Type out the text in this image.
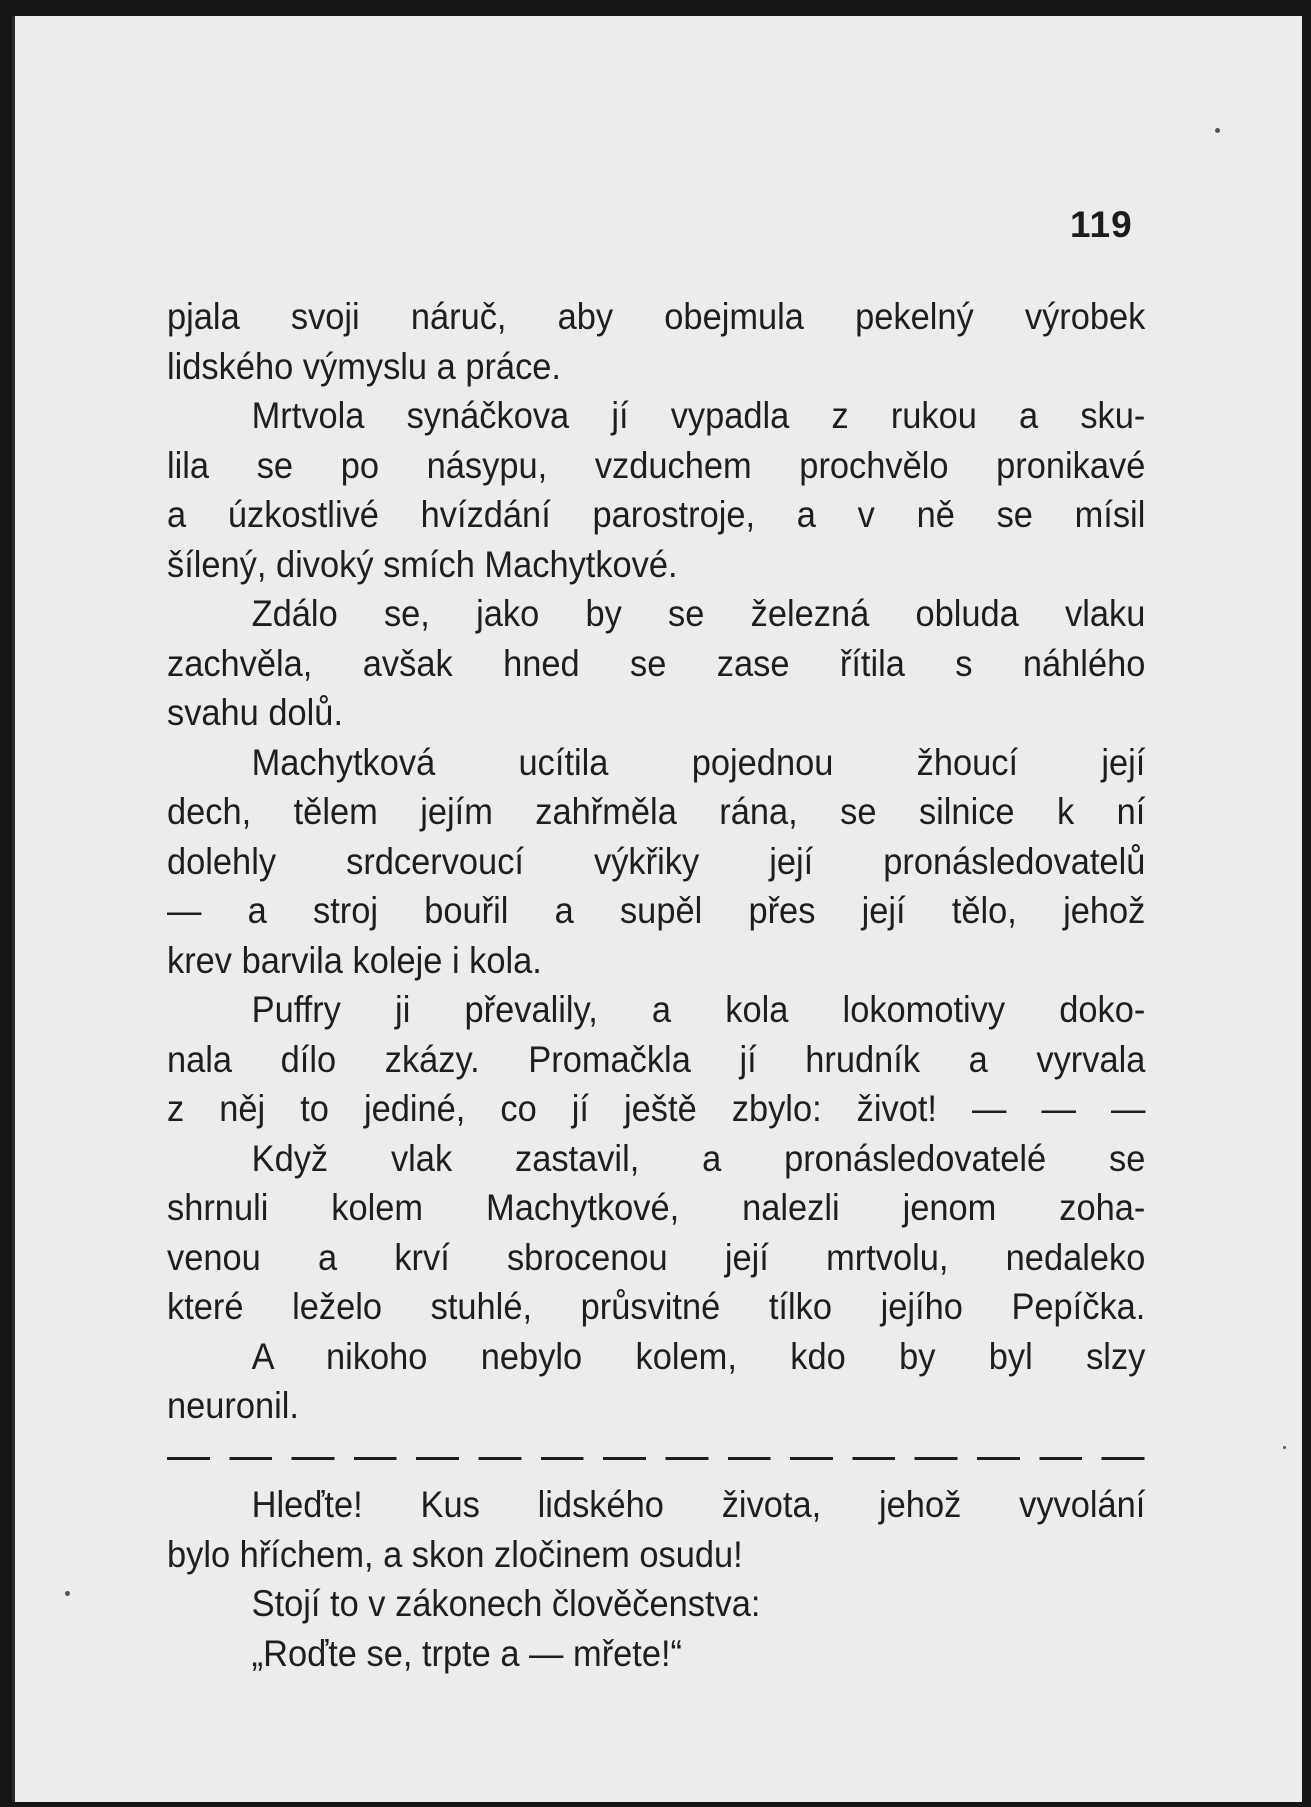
119
pjala svoji náruč, aby obejmula pekelný výrobek
lidského výmyslu a práce.
Mrtvola synáčkova jí vypadla z rukou a sku-
lila se po násypu, vzduchem prochvělo pronikavé
a úzkostlivé hvízdání parostroje, a v ně se mísil
šílený, divoký smích Machytkové.
Zdálo se, jako by se železná obluda vlaku
zachvěla, avšak hned se zase řítila s náhlého
svahu dolů.
Machytková ucítila pojednou žhoucí její
dech, tělem jejím zahřměla rána, se silnice k ní
dolehly srdcervoucí výkřiky její pronásledovatelů
— a stroj bouřil a supěl přes její tělo, jehož
krev barvila koleje i kola.
Puffry ji převalily, a kola lokomotivy doko-
nala dílo zkázy. Promačkla jí hrudník a vyrvala
z něj to jediné, co jí ještě zbylo: život! — — —
Když vlak zastavil, a pronásledovatelé se
shrnuli kolem Machytkové, nalezli jenom zoha-
venou a krví sbrocenou její mrtvolu, nedaleko
které leželo stuhlé, průsvitné tílko jejího Pepíčka.
A nikoho nebylo kolem, kdo by byl slzy
neuronil.
Hleďte! Kus lidského života, jehož vyvolání
bylo hříchem, a skon zločinem osudu!
Stojí to v zákonech člověčenstva:
„Roďte se, trpte a — mřete!“
